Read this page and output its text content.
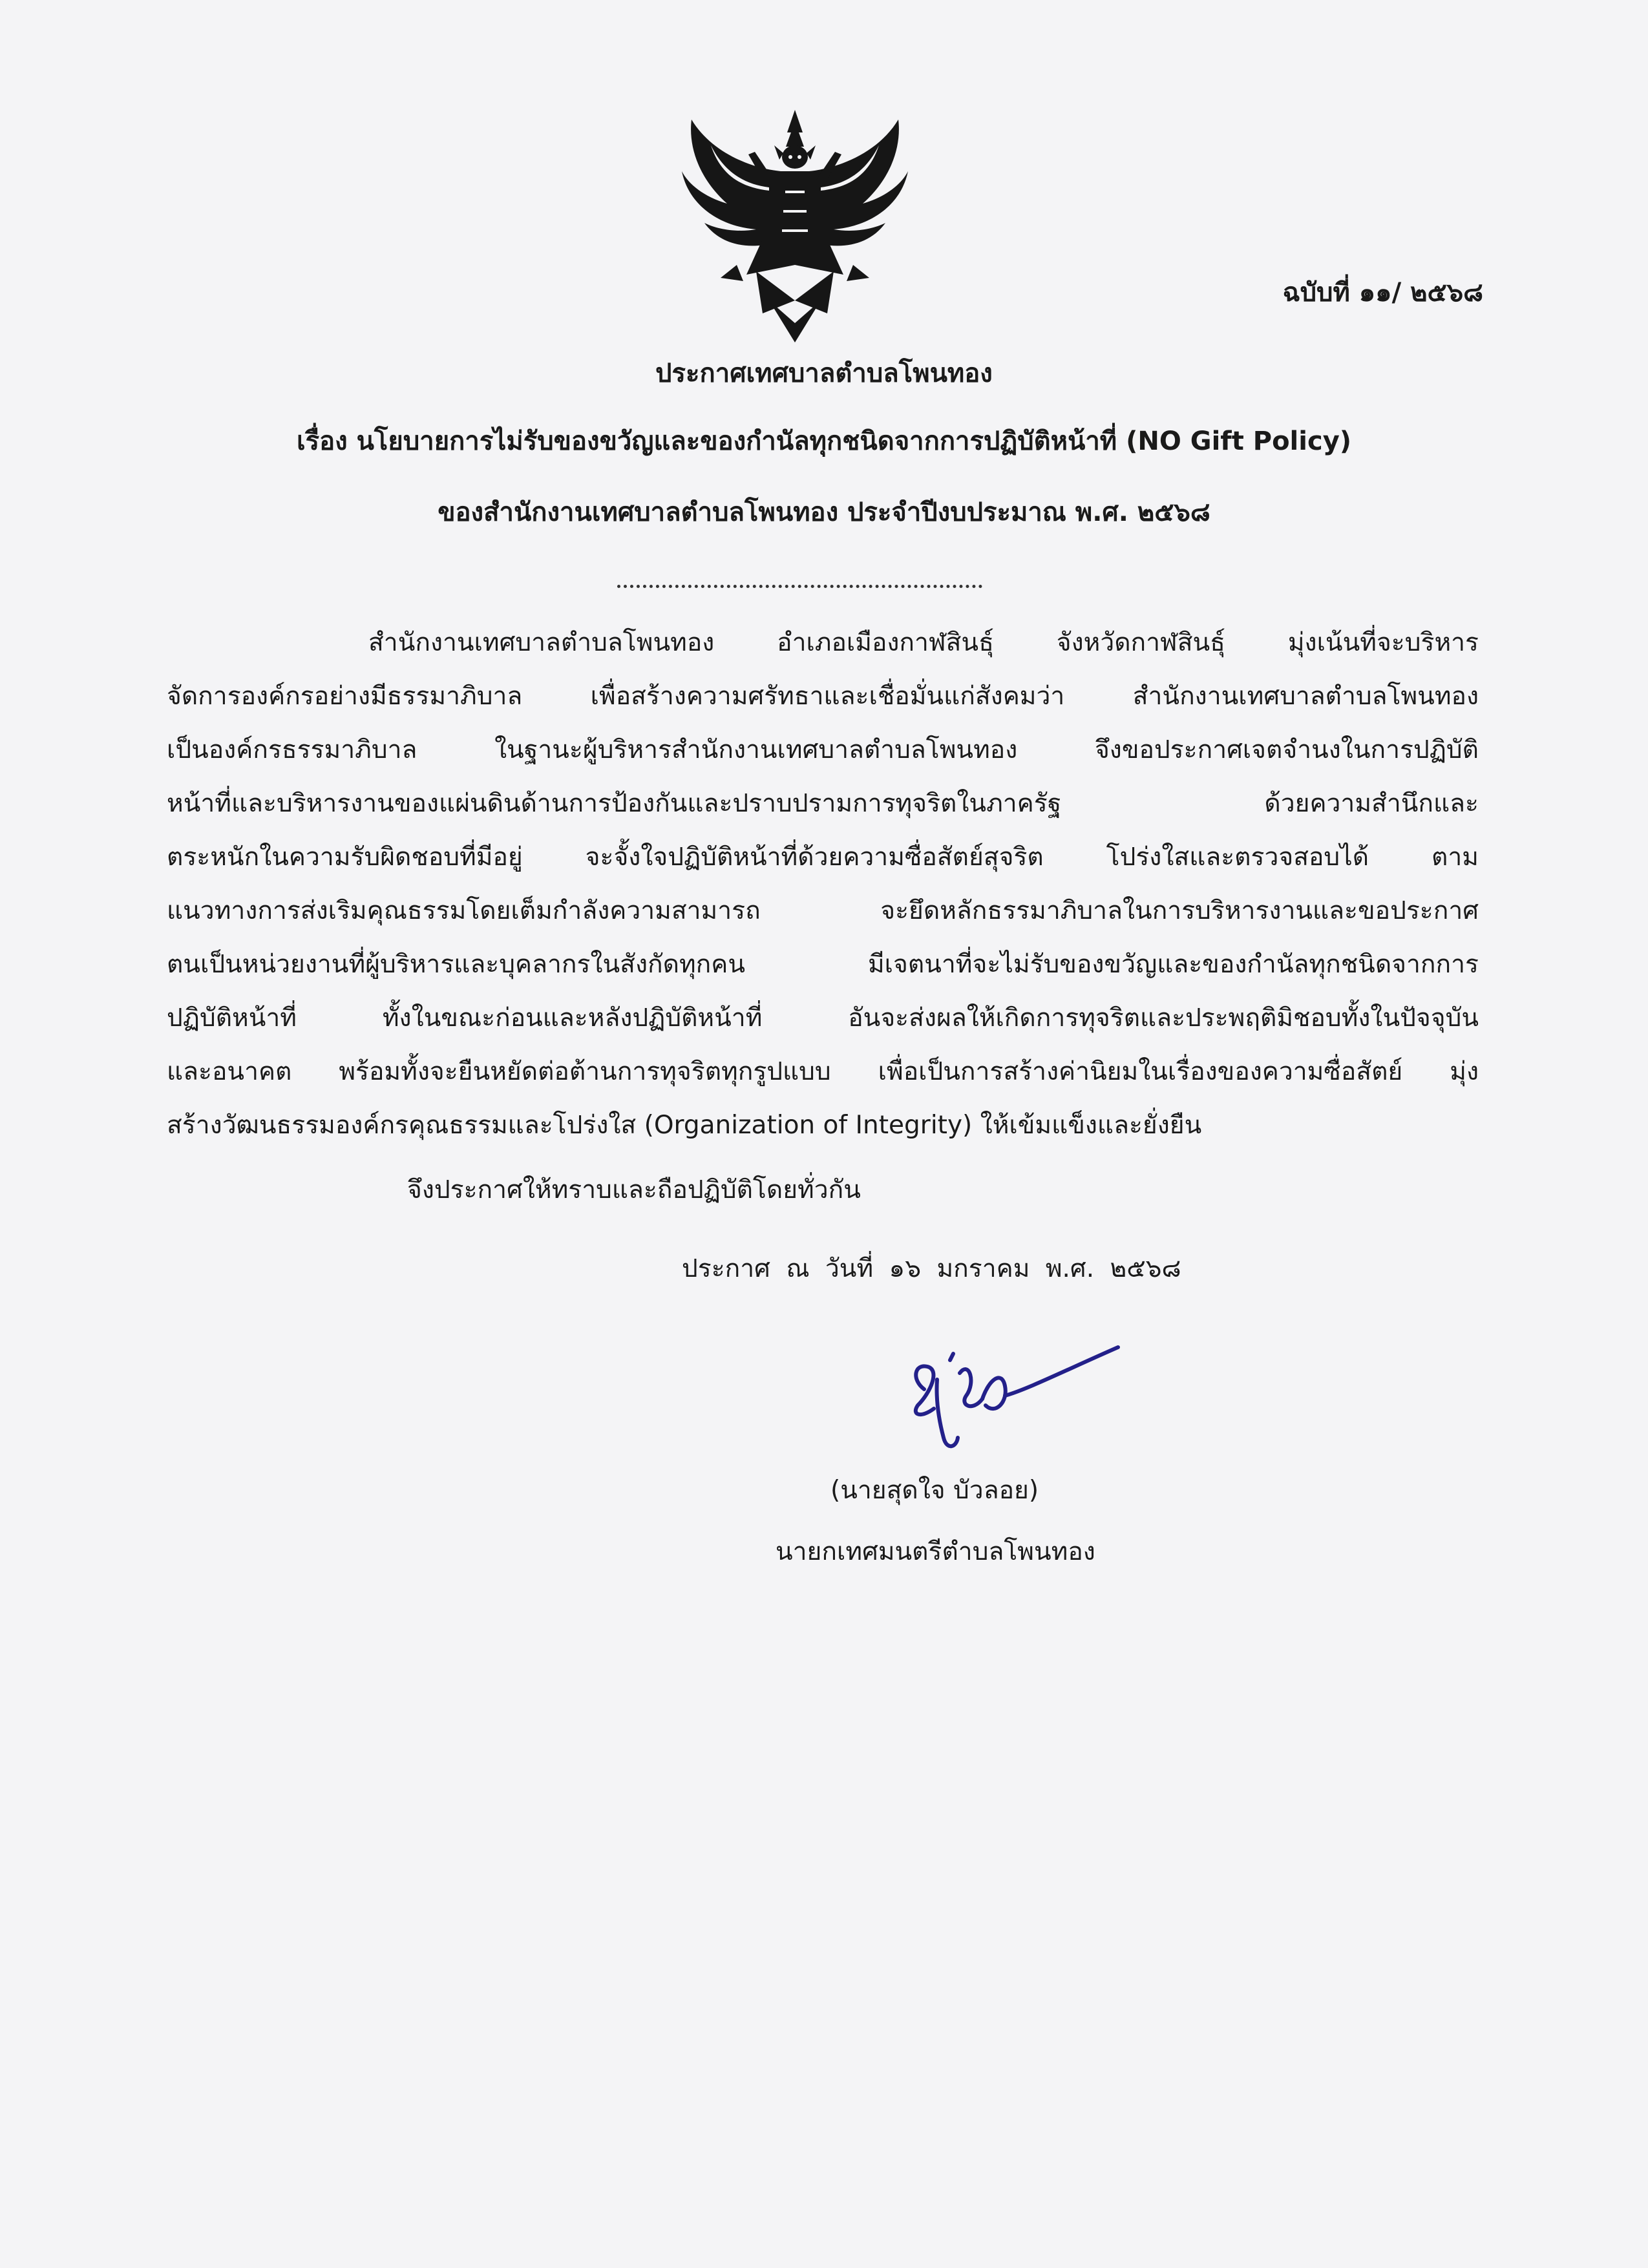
ฉบับที่ ๑๑/ ๒๕๖๘
ประกาศเทศบาลตำบลโพนทอง
เรื่อง นโยบายการไม่รับของขวัญและของกำนัลทุกชนิดจากการปฏิบัติหน้าที่ (NO Gift Policy)
ของสำนักงานเทศบาลตำบลโพนทอง ประจำปีงบประมาณ พ.ศ. ๒๕๖๘
สำนักงานเทศบาลตำบลโพนทอง อำเภอเมืองกาฬสินธุ์ จังหวัดกาฬสินธุ์ มุ่งเน้นที่จะบริหาร
จัดการองค์กรอย่างมีธรรมาภิบาล เพื่อสร้างความศรัทธาและเชื่อมั่นแก่สังคมว่า สำนักงานเทศบาลตำบลโพนทอง
เป็นองค์กรธรรมาภิบาล ในฐานะผู้บริหารสำนักงานเทศบาลตำบลโพนทอง จึงขอประกาศเจตจำนงในการปฏิบัติ
หน้าที่และบริหารงานของแผ่นดินด้านการป้องกันและปราบปรามการทุจริตในภาครัฐ ด้วยความสำนึกและ
ตระหนักในความรับผิดชอบที่มีอยู่ จะจั้งใจปฏิบัติหน้าที่ด้วยความซื่อสัตย์สุจริต โปร่งใสและตรวจสอบได้ ตาม
แนวทางการส่งเริมคุณธรรมโดยเต็มกำลังความสามารถ จะยึดหลักธรรมาภิบาลในการบริหารงานและขอประกาศ
ตนเป็นหน่วยงานที่ผู้บริหารและบุคลากรในสังกัดทุกคน มีเจตนาที่จะไม่รับของขวัญและของกำนัลทุกชนิดจากการ
ปฏิบัติหน้าที่ ทั้งในขณะก่อนและหลังปฏิบัติหน้าที่ อันจะส่งผลให้เกิดการทุจริตและประพฤติมิชอบทั้งในปัจจุบัน
และอนาคต พร้อมทั้งจะยืนหยัดต่อต้านการทุจริตทุกรูปแบบ เพื่อเป็นการสร้างค่านิยมในเรื่องของความซื่อสัตย์ มุ่ง
สร้างวัฒนธรรมองค์กรคุณธรรมและโปร่งใส (Organization of Integrity) ให้เข้มแข็งและยั่งยืน
จึงประกาศให้ทราบและถือปฏิบัติโดยทั่วกัน
ประกาศ ณ วันที่ ๑๖ มกราคม พ.ศ. ๒๕๖๘
(นายสุดใจ บัวลอย)
นายกเทศมนตรีตำบลโพนทอง
